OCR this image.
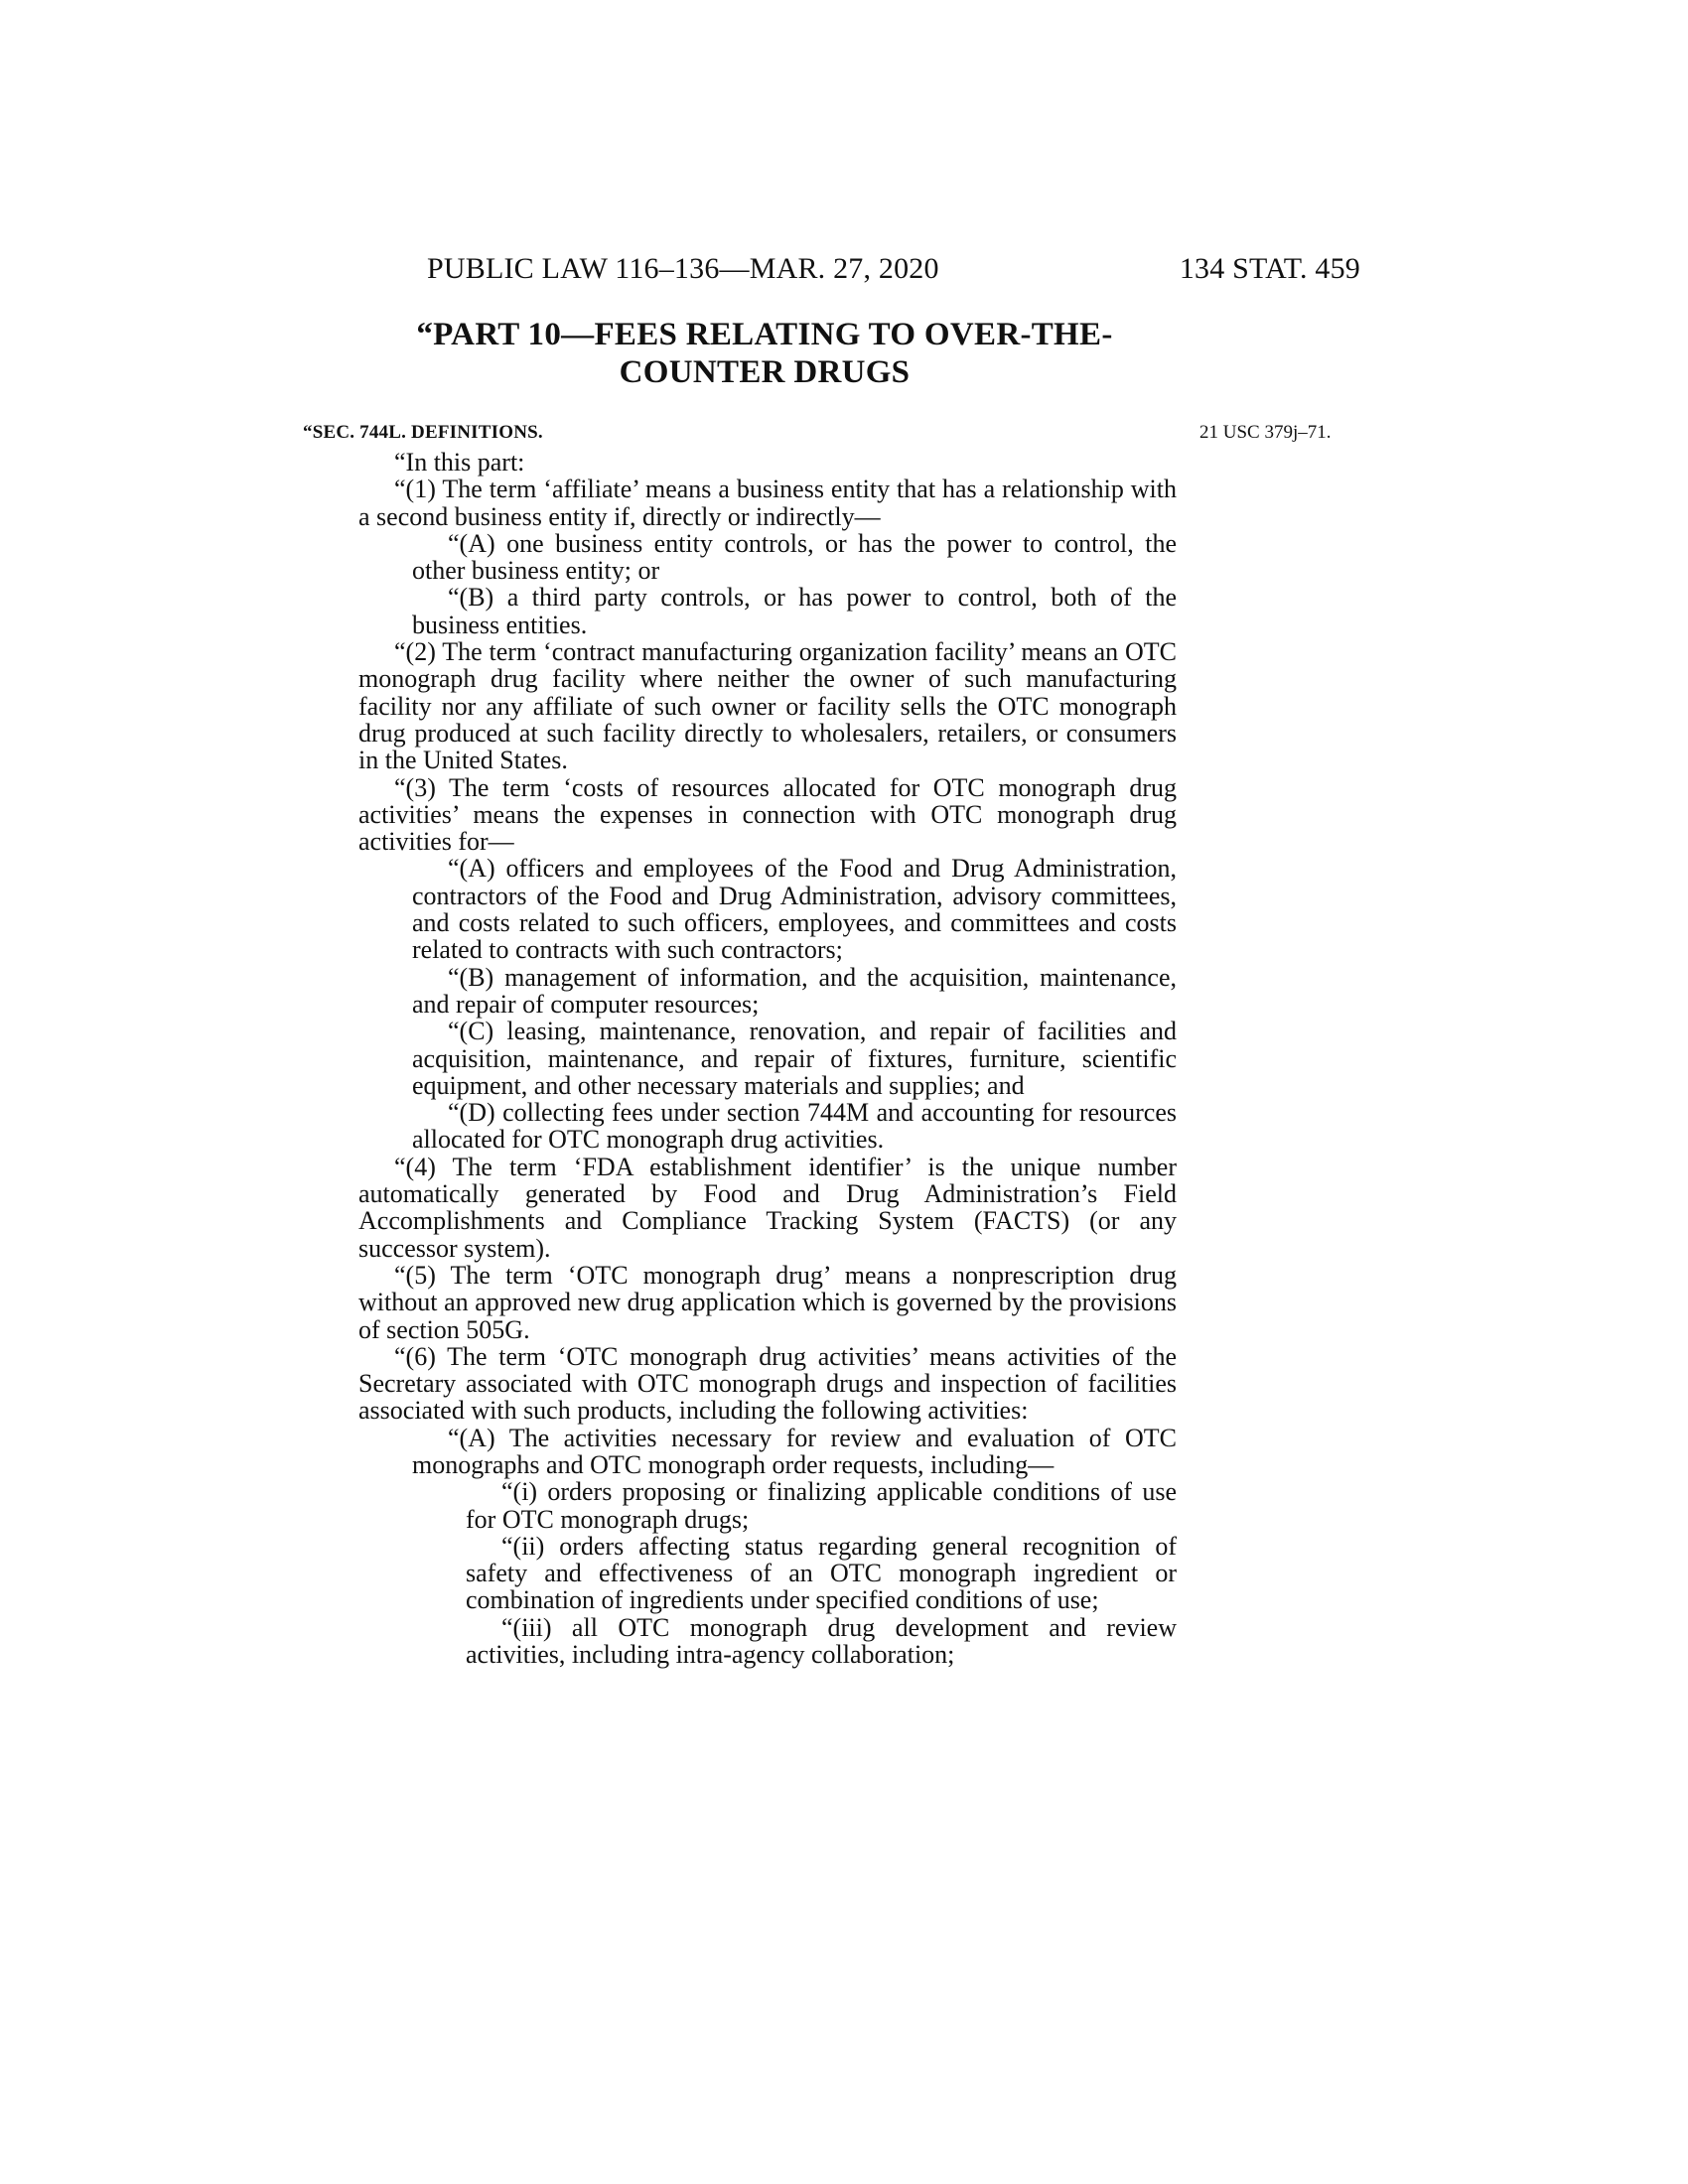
PUBLIC LAW 116–136—MAR. 27, 2020	134 STAT. 459
“PART 10—FEES RELATING TO OVER-THE-
COUNTER DRUGS
“SEC. 744L. DEFINITIONS.	21 USC 379j–71.

“In this part:

“(1) The term ‘affiliate’ means a business entity that has a relationship with a second business entity if, directly or indirectly—

“(A) one business entity controls, or has the power to control, the other business entity; or

“(B) a third party controls, or has power to control, both of the business entities.

“(2) The term ‘contract manufacturing organization facility’ means an OTC monograph drug facility where neither the owner of such manufacturing facility nor any affiliate of such owner or facility sells the OTC monograph drug produced at such facility directly to wholesalers, retailers, or consumers in the United States.

“(3) The term ‘costs of resources allocated for OTC monograph drug activities’ means the expenses in connection with OTC monograph drug activities for—

“(A) officers and employees of the Food and Drug Administration, contractors of the Food and Drug Administration, advisory committees, and costs related to such officers, employees, and committees and costs related to contracts with such contractors;

“(B) management of information, and the acquisition, maintenance, and repair of computer resources;

“(C) leasing, maintenance, renovation, and repair of facilities and acquisition, maintenance, and repair of fixtures, furniture, scientific equipment, and other necessary materials and supplies; and

“(D) collecting fees under section 744M and accounting for resources allocated for OTC monograph drug activities.

“(4) The term ‘FDA establishment identifier’ is the unique number automatically generated by Food and Drug Administration’s Field Accomplishments and Compliance Tracking System (FACTS) (or any successor system).

“(5) The term ‘OTC monograph drug’ means a nonprescription drug without an approved new drug application which is governed by the provisions of section 505G.

“(6) The term ‘OTC monograph drug activities’ means activities of the Secretary associated with OTC monograph drugs and inspection of facilities associated with such products, including the following activities:

“(A) The activities necessary for review and evaluation of OTC monographs and OTC monograph order requests, including—

“(i) orders proposing or finalizing applicable conditions of use for OTC monograph drugs;

“(ii) orders affecting status regarding general recognition of safety and effectiveness of an OTC monograph ingredient or combination of ingredients under specified conditions of use;

“(iii) all OTC monograph drug development and review activities, including intra-agency collaboration;
